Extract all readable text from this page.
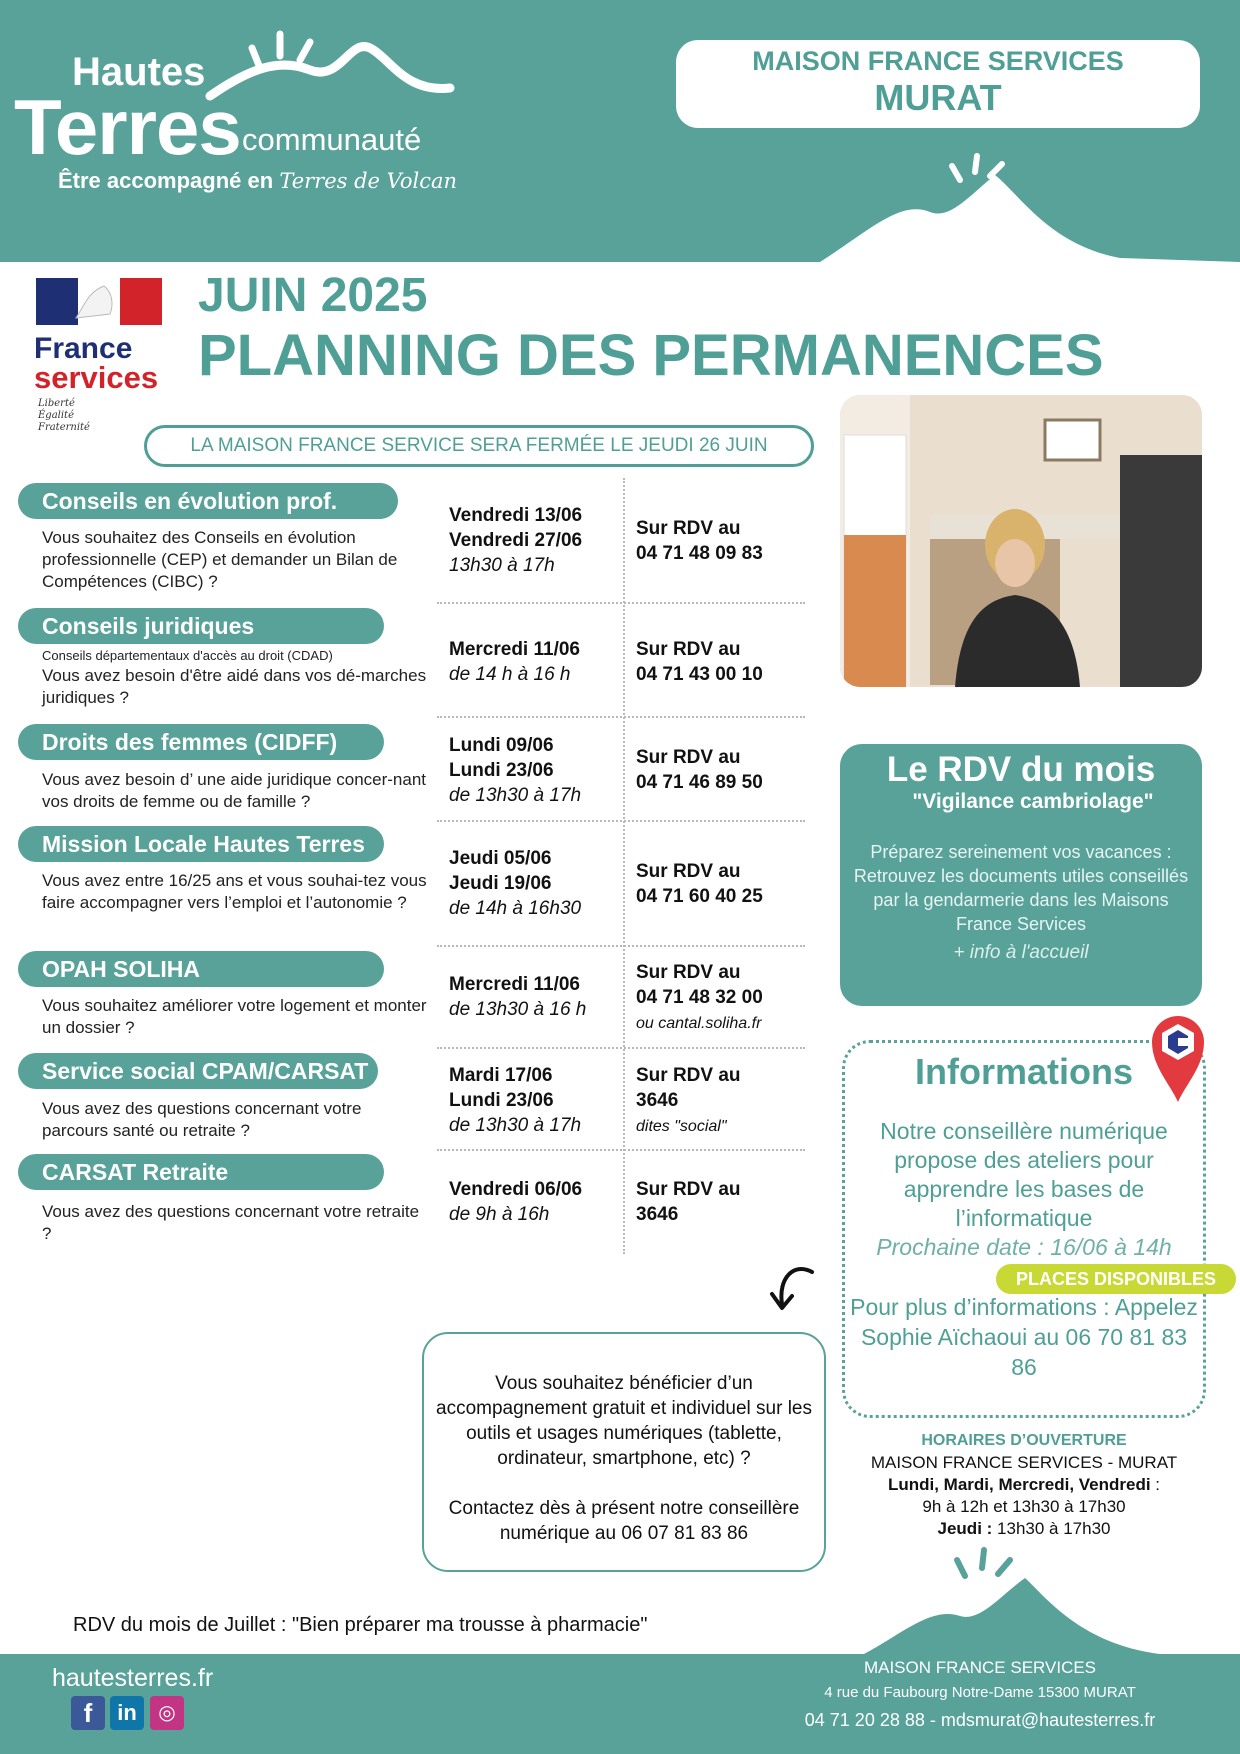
Hautes
Terres communauté
Être accompagné en Terres de Volcan
MAISON FRANCE SERVICES
MURAT
France
services
Liberté
Égalité
Fraternité
JUIN 2025
PLANNING DES PERMANENCES
LA MAISON FRANCE SERVICE SERA FERMÉE LE JEUDI 26 JUIN
Conseils en évolution prof.
Vous souhaitez des Conseils en évolution professionnelle (CEP) et demander un Bilan de Compétences (CIBC) ?
Vendredi 13/06
Vendredi 27/06
13h30 à 17h
Sur RDV au
04 71 48 09 83
Conseils juridiques
Conseils départementaux d'accès au droit (CDAD)
Vous avez besoin d'être aidé dans vos dé-marches juridiques ?
Mercredi 11/06
de 14 h à 16 h
Sur RDV au
04 71 43 00 10
Droits des femmes (CIDFF)
Vous avez besoin d’ une aide juridique concer-nant vos droits de femme ou de famille ?
Lundi 09/06
Lundi 23/06
de 13h30 à 17h
Sur RDV au
04 71 46 89 50
Mission Locale Hautes Terres
Vous avez entre 16/25 ans et vous souhai-tez vous faire accompagner vers l’emploi et l’autonomie ?
Jeudi 05/06
Jeudi 19/06
de 14h à 16h30
Sur RDV au
04 71 60 40 25
OPAH SOLIHA
Vous souhaitez améliorer votre logement et monter un dossier ?
Mercredi 11/06
de 13h30 à 16 h
Sur RDV au
04 71 48 32 00
ou cantal.soliha.fr
Service social CPAM/CARSAT
Vous avez des questions concernant votre parcours santé ou retraite ?
Mardi 17/06
Lundi 23/06
de 13h30 à 17h
Sur RDV au
3646
dites "social"
CARSAT Retraite
Vous avez des questions concernant votre retraite ?
Vendredi 06/06
de 9h à 16h
Sur RDV au
3646
Le RDV du mois
"Vigilance cambriolage"
Préparez sereinement vos vacances : Retrouvez les documents utiles conseillés par la gendarmerie dans les Maisons France Services
+ info à l'accueil
Informations
Notre conseillère numérique propose des ateliers pour apprendre les bases de l’informatique
Prochaine date : 16/06 à 14h
Pour plus d’informations : Appelez Sophie Aïchaoui au 06 70 81 83 86
PLACES DISPONIBLES
Vous souhaitez bénéficier d’un accompagnement gratuit et individuel sur les outils et usages numériques (tablette, ordinateur, smartphone, etc) ?
Contactez dès à présent notre conseillère numérique au 06 07 81 83 86
HORAIRES D’OUVERTURE
MAISON FRANCE SERVICES - MURAT
Lundi, Mardi, Mercredi, Vendredi :
9h à 12h et 13h30 à 17h30
Jeudi : 13h30 à 17h30
RDV du mois de Juillet : "Bien préparer ma trousse à pharmacie"
hautesterres.fr
f	in	◎
MAISON FRANCE SERVICES
4 rue du Faubourg Notre-Dame 15300 MURAT
04 71 20 28 88 - mdsmurat@hautesterres.fr
